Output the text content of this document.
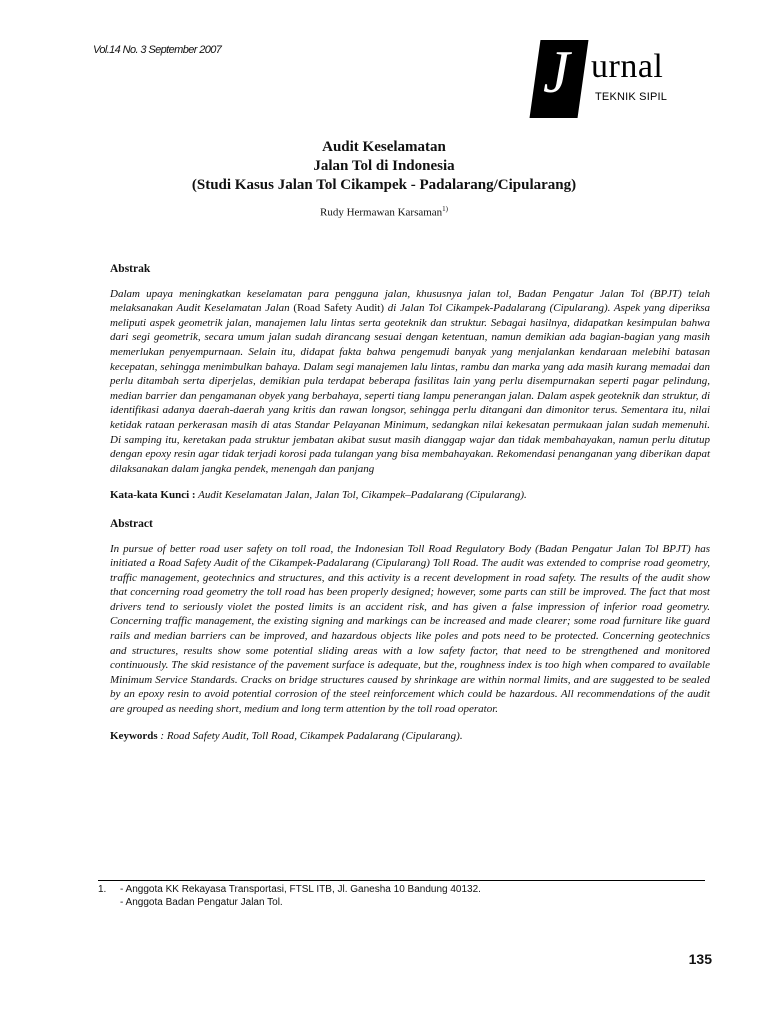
Vol.14 No. 3 September 2007	J urnal
TEKNIK SIPIL
Audit Keselamatan
Jalan Tol di Indonesia
(Studi Kasus Jalan Tol Cikampek - Padalarang/Cipularang)
Rudy Hermawan Karsaman$^{1)}$
Abstrak

Dalam upaya meningkatkan keselamatan para pengguna jalan, khususnya jalan tol, Badan Pengatur Jalan Tol (BPJT) telah melaksanakan Audit Keselamatan Jalan (Road Safety Audit) di Jalan Tol Cikampek-Padalarang (Cipularang). Aspek yang diperiksa meliputi aspek geometrik jalan, manajemen lalu lintas serta geoteknik dan struktur. Sebagai hasilnya, didapatkan kesimpulan bahwa dari segi geometrik, secara umum jalan sudah dirancang sesuai dengan ketentuan, namun demikian ada bagian-bagian yang masih memerlukan penyempurnaan. Selain itu, didapat fakta bahwa pengemudi banyak yang menjalankan kendaraan melebihi batasan kecepatan, sehingga menimbulkan bahaya. Dalam segi manajemen lalu lintas, rambu dan marka yang ada masih kurang memadai dan perlu ditambah serta diperjelas, demikian pula terdapat beberapa fasilitas lain yang perlu disempurnakan seperti pagar pelindung, median barrier dan pengamanan obyek yang berbahaya, seperti tiang lampu penerangan jalan. Dalam aspek geoteknik dan struktur, di identifikasi adanya daerah-daerah yang kritis dan rawan longsor, sehingga perlu ditangani dan dimonitor terus. Sementara itu, nilai ketidak rataan perkerasan masih di atas Standar Pelayanan Minimum, sedangkan nilai kekesatan permukaan jalan sudah memenuhi. Di samping itu, keretakan pada struktur jembatan akibat susut masih dianggap wajar dan tidak membahayakan, namun perlu ditutup dengan epoxy resin agar tidak terjadi korosi pada tulangan yang bisa membahayakan. Rekomendasi penanganan yang diberikan dapat dilaksanakan dalam jangka pendek, menengah dan panjang

Kata-kata Kunci : Audit Keselamatan Jalan, Jalan Tol, Cikampek–Padalarang (Cipularang).
Abstract

In pursue of better road user safety on toll road, the Indonesian Toll Road Regulatory Body (Badan Pengatur Jalan Tol BPJT) has initiated a Road Safety Audit of the Cikampek-Padalarang (Cipularang) Toll Road. The audit was extended to comprise road geometry, traffic management, geotechnics and structures, and this activity is a recent development in road safety. The results of the audit show that concerning road geometry the toll road has been properly designed; however, some parts can still be improved. The fact that most drivers tend to seriously violet the posted limits is an accident risk, and has given a false impression of inferior road geometry. Concerning traffic management, the existing signing and markings can be increased and made clearer; some road furniture like guard rails and median barriers can be improved, and hazardous objects like poles and pots need to be protected. Concerning geotechnics and structures, results show some potential sliding areas with a low safety factor, that need to be strengthened and monitored continuously. The skid resistance of the pavement surface is adequate, but the, roughness index is too high when compared to available Minimum Service Standards. Cracks on bridge structures caused by shrinkage are within normal limits, and are suggested to be sealed by an epoxy resin to avoid potential corrosion of the steel reinforcement which could be hazardous. All recommendations of the audit are grouped as needing short, medium and long term attention by the toll road operator.

Keywords : Road Safety Audit, Toll Road, Cikampek Padalarang (Cipularang).
1. - Anggota KK Rekayasa Transportasi, FTSL ITB, Jl. Ganesha 10 Bandung 40132.
- Anggota Badan Pengatur Jalan Tol.
135
